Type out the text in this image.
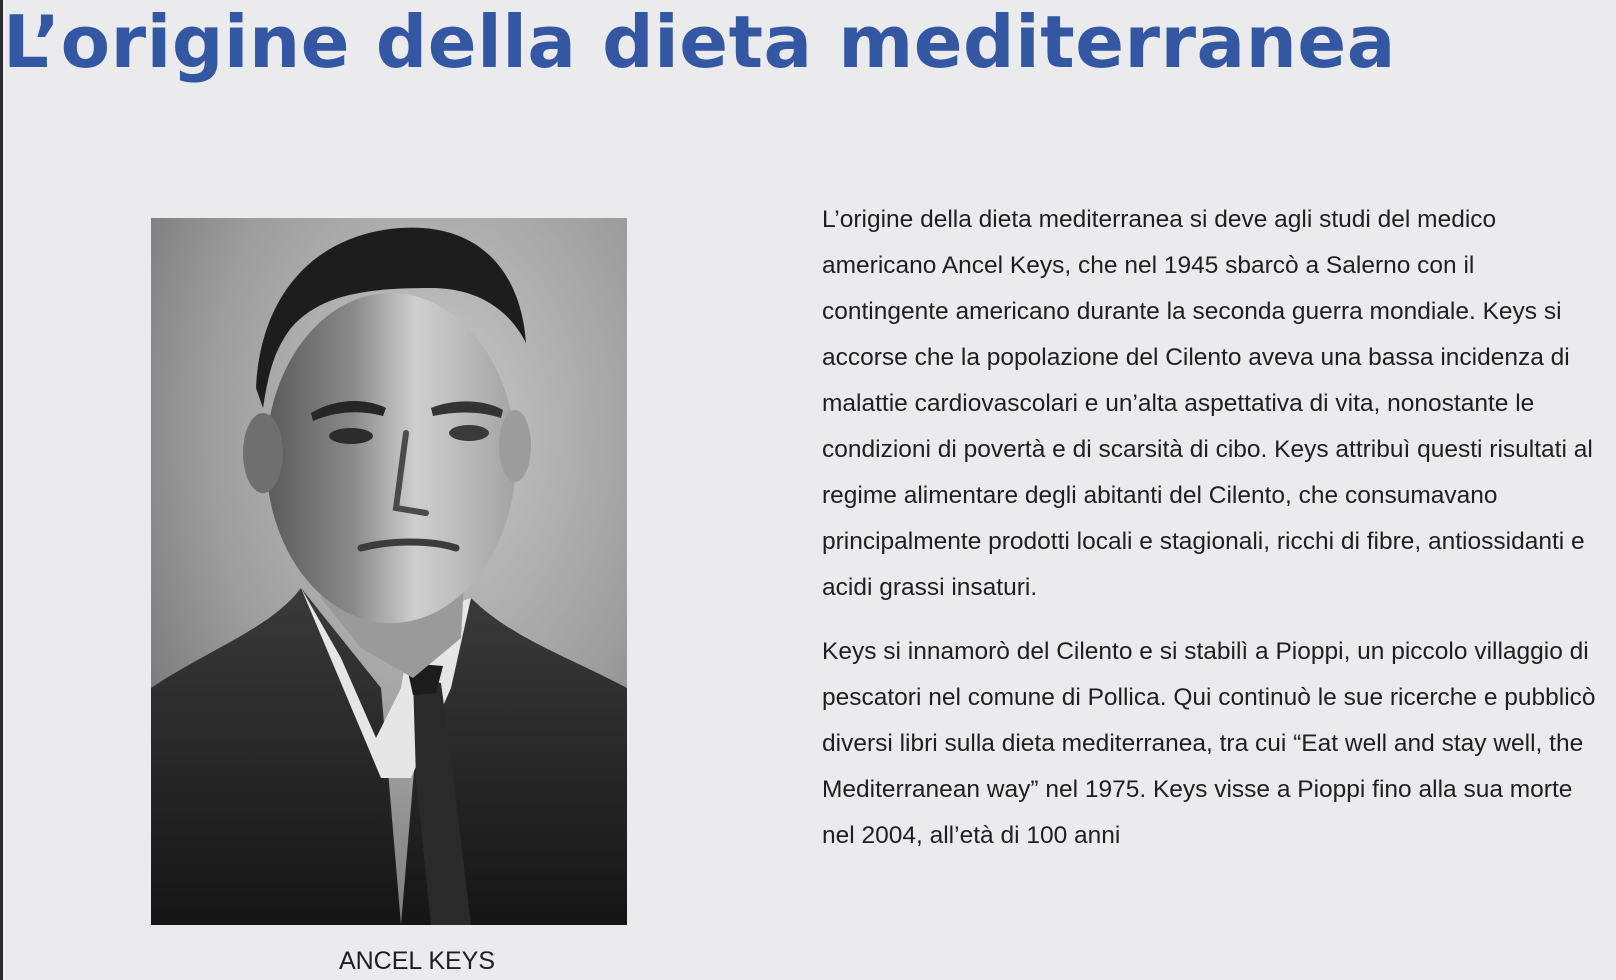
L’origine della dieta mediterranea

ANCEL KEYS

L’origine della dieta mediterranea si deve agli studi del medico americano Ancel Keys, che nel 1945 sbarcò a Salerno con il contingente americano durante la seconda guerra mondiale. Keys si accorse che la popolazione del Cilento aveva una bassa incidenza di malattie cardiovascolari e un’alta aspettativa di vita, nonostante le condizioni di povertà e di scarsità di cibo. Keys attribuì questi risultati al regime alimentare degli abitanti del Cilento, che consumavano principalmente prodotti locali e stagionali, ricchi di fibre, antiossidanti e acidi grassi insaturi.

Keys si innamorò del Cilento e si stabilì a Pioppi, un piccolo villaggio di pescatori nel comune di Pollica. Qui continuò le sue ricerche e pubblicò diversi libri sulla dieta mediterranea, tra cui “Eat well and stay well, the Mediterranean way” nel 1975. Keys visse a Pioppi fino alla sua morte nel 2004, all’età di 100 anni
